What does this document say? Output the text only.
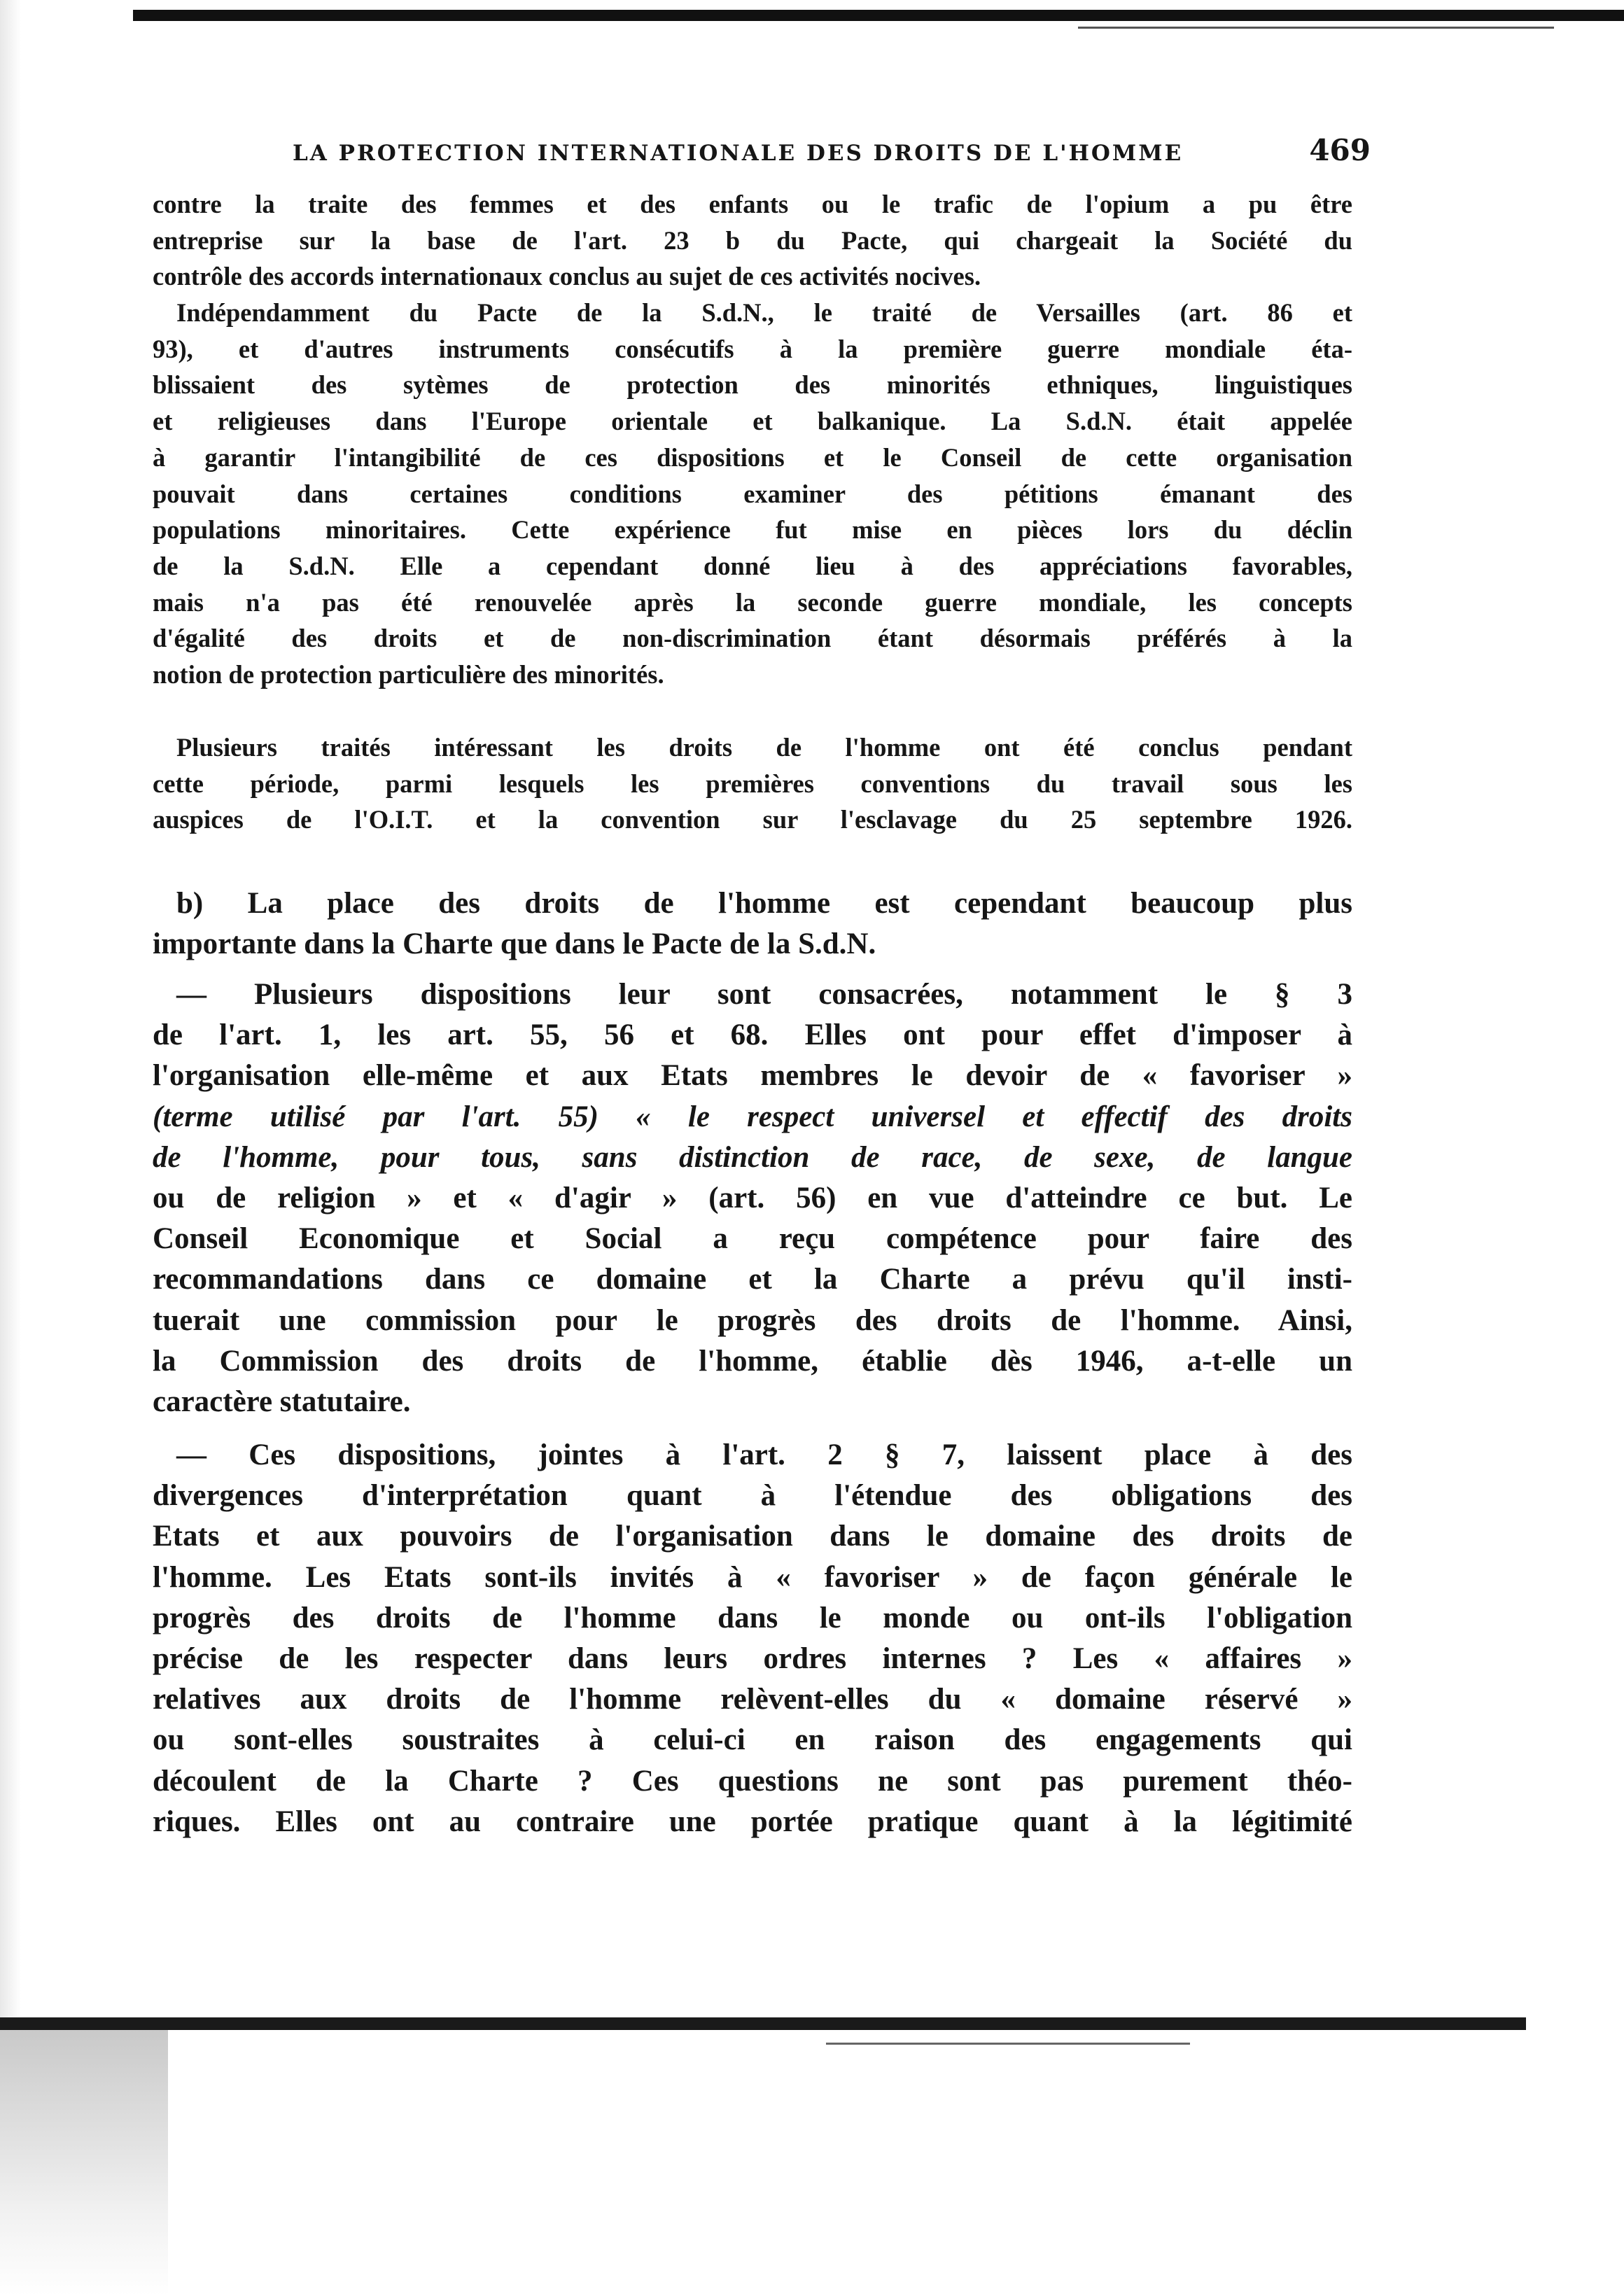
LA PROTECTION INTERNATIONALE DES DROITS DE L'HOMME	469
contre la traite des femmes et des enfants ou le trafic de l'opium a pu être
entreprise sur la base de l'art. 23 b du Pacte, qui chargeait la Société du
contrôle des accords internationaux conclus au sujet de ces activités nocives.
Indépendamment du Pacte de la S.d.N., le traité de Versailles (art. 86 et
93), et d'autres instruments consécutifs à la première guerre mondiale éta-
blissaient des sytèmes de protection des minorités ethniques, linguistiques
et religieuses dans l'Europe orientale et balkanique. La S.d.N. était appelée
à garantir l'intangibilité de ces dispositions et le Conseil de cette organisation
pouvait dans certaines conditions examiner des pétitions émanant des
populations minoritaires. Cette expérience fut mise en pièces lors du déclin
de la S.d.N. Elle a cependant donné lieu à des appréciations favorables,
mais n'a pas été renouvelée après la seconde guerre mondiale, les concepts
d'égalité des droits et de non-discrimination étant désormais préférés à la
notion de protection particulière des minorités.
Plusieurs traités intéressant les droits de l'homme ont été conclus pendant
cette période, parmi lesquels les premières conventions du travail sous les
auspices de l'O.I.T. et la convention sur l'esclavage du 25 septembre 1926.
b) La place des droits de l'homme est cependant beaucoup plus
importante dans la Charte que dans le Pacte de la S.d.N.
— Plusieurs dispositions leur sont consacrées, notamment le § 3
de l'art. 1, les art. 55, 56 et 68. Elles ont pour effet d'imposer à
l'organisation elle-même et aux Etats membres le devoir de « favoriser »
(terme utilisé par l'art. 55) « le respect universel et effectif des droits
de l'homme, pour tous, sans distinction de race, de sexe, de langue
ou de religion » et « d'agir » (art. 56) en vue d'atteindre ce but. Le
Conseil Economique et Social a reçu compétence pour faire des
recommandations dans ce domaine et la Charte a prévu qu'il insti-
tuerait une commission pour le progrès des droits de l'homme. Ainsi,
la Commission des droits de l'homme, établie dès 1946, a-t-elle un
caractère statutaire.
— Ces dispositions, jointes à l'art. 2 § 7, laissent place à des
divergences d'interprétation quant à l'étendue des obligations des
Etats et aux pouvoirs de l'organisation dans le domaine des droits de
l'homme. Les Etats sont-ils invités à « favoriser » de façon générale le
progrès des droits de l'homme dans le monde ou ont-ils l'obligation
précise de les respecter dans leurs ordres internes ? Les « affaires »
relatives aux droits de l'homme relèvent-elles du « domaine réservé »
ou sont-elles soustraites à celui-ci en raison des engagements qui
découlent de la Charte ? Ces questions ne sont pas purement théo-
riques. Elles ont au contraire une portée pratique quant à la légitimité
